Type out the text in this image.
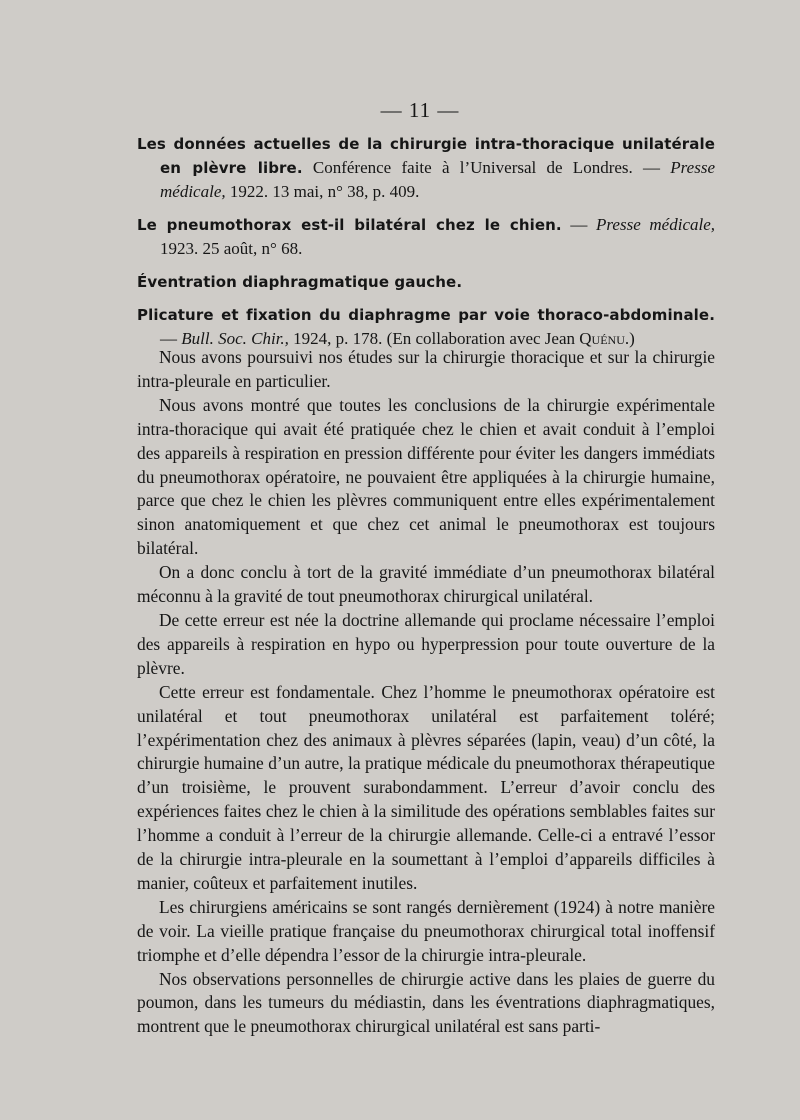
— 11 —

Les données actuelles de la chirurgie intra-thoracique unilatérale en plèvre libre. Conférence faite à l’Universal de Londres. — Presse médicale, 1922. 13 mai, n° 38, p. 409.

Le pneumothorax est-il bilatéral chez le chien. — Presse médicale, 1923. 25 août, n° 68.

Éventration diaphragmatique gauche.

Plicature et fixation du diaphragme par voie thoraco-abdominale. — Bull. Soc. Chir., 1924, p. 178. (En collaboration avec Jean Quénu.)

Nous avons poursuivi nos études sur la chirurgie thoracique et sur la chirurgie intra-pleurale en particulier.

Nous avons montré que toutes les conclusions de la chirurgie expérimentale intra-thoracique qui avait été pratiquée chez le chien et avait conduit à l’emploi des appareils à respiration en pression différente pour éviter les dangers immédiats du pneumothorax opératoire, ne pouvaient être appliquées à la chirurgie humaine, parce que chez le chien les plèvres communiquent entre elles expérimentalement sinon anatomiquement et que chez cet animal le pneumothorax est toujours bilatéral.

On a donc conclu à tort de la gravité immédiate d’un pneumothorax bilatéral méconnu à la gravité de tout pneumothorax chirurgical unilatéral.

De cette erreur est née la doctrine allemande qui proclame nécessaire l’emploi des appareils à respiration en hypo ou hyperpression pour toute ouverture de la plèvre.

Cette erreur est fondamentale. Chez l’homme le pneumothorax opératoire est unilatéral et tout pneumothorax unilatéral est parfaitement toléré; l’expérimentation chez des animaux à plèvres séparées (lapin, veau) d’un côté, la chirurgie humaine d’un autre, la pratique médicale du pneumothorax thérapeutique d’un troisième, le prouvent surabondamment. L’erreur d’avoir conclu des expériences faites chez le chien à la similitude des opérations semblables faites sur l’homme a conduit à l’erreur de la chirurgie allemande. Celle-ci a entravé l’essor de la chirurgie intra-pleurale en la soumettant à l’emploi d’appareils difficiles à manier, coûteux et parfaitement inutiles.

Les chirurgiens américains se sont rangés dernièrement (1924) à notre manière de voir. La vieille pratique française du pneumothorax chirurgical total inoffensif triomphe et d’elle dépendra l’essor de la chirurgie intra-pleurale.

Nos observations personnelles de chirurgie active dans les plaies de guerre du poumon, dans les tumeurs du médiastin, dans les éventrations diaphragmatiques, montrent que le pneumothorax chirurgical unilatéral est sans parti-
